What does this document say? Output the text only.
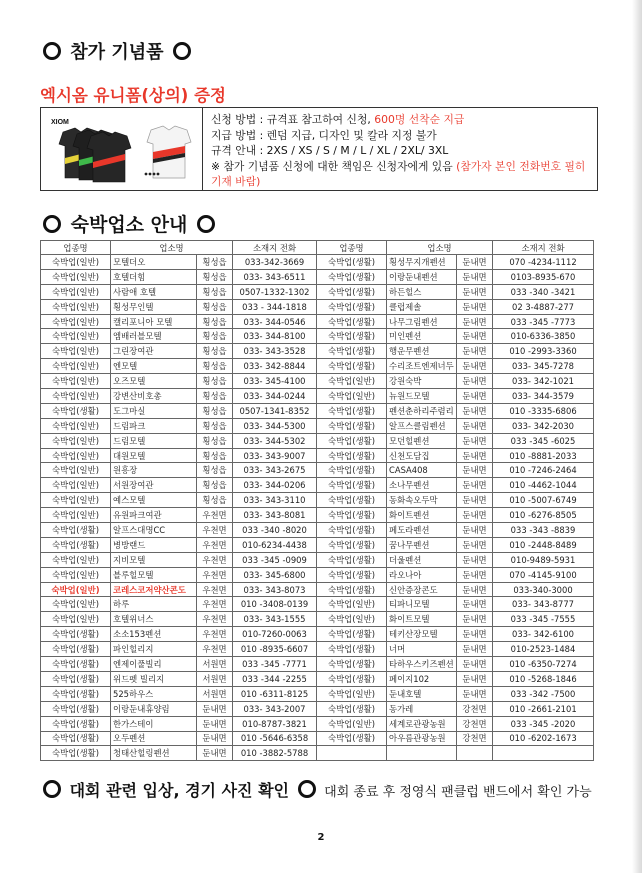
참가 기념품
엑시옴 유니폼(상의) 증정
XIOM	신청 방법 : 규격표 참고하여 신청, 600명 선착순 지급
지급 방법 : 렌덤 지급, 디자인 및 칼라 지정 불가
규격 안내 : 2XS / XS / S / M / L / XL / 2XL/ 3XL
※ 참가 기념품 신청에 대한 책임은 신청자에게 있음 (참가자 본인 전화번호 필히 기재 바람)
숙박업소 안내
업종명	업소명		소재지 전화	업종명	업소명		소재지 전화
숙박업(일반)	모텔더오	횡성읍	033-342-3669	숙박업(생활)	횡성무지개펜션	둔내면	070 -4234-1112
숙박업(일반)	호텔더힘	횡성읍	033- 343-6511	숙박업(생활)	이랑둔내펜션	둔내면	0103-8935-670
숙박업(일반)	사람애 호텔	횡성읍	0507-1332-1302	숙박업(생활)	하든힐스	둔내면	033 -340 -3421
숙박업(일반)	횡성무인텔	횡성읍	033 - 344-1818	숙박업(생활)	클럽제솔	둔내면	02 3-4887-277
숙박업(일반)	캘리포니아 모텔	횡성읍	033- 344-0546	숙박업(생활)	나무그림펜션	둔내면	033 -345 -7773
숙박업(일반)	엠배러블모텔	횡성읍	033- 344-8100	숙박업(생활)	미인펜션	둔내면	010-6336-3850
숙박업(일반)	그린장여관	횡성읍	033- 343-3528	숙박업(생활)	행운무펜션	둔내면	010 -2993-3360
숙박업(일반)	엔모텔	횡성읍	033- 342-8844	숙박업(생활)	수리조트엔제너두	둔내면	033- 345-7278
숙박업(일반)	오즈모텔	횡성읍	033- 345-4100	숙박업(일반)	강원숙박	둔내면	033- 342-1021
숙박업(일반)	강변산비호총	횡성읍	033- 344-0244	숙박업(일반)	뉴원드모텔	둔내면	033- 344-3579
숙박업(생활)	도그마실	횡성읍	0507-1341-8352	숙박업(생활)	펜션춘하리주렴리	둔내면	010 -3335-6806
숙박업(일반)	드림파크	횡성읍	033- 344-5300	숙박업(생활)	알프스클림펜션	둔내면	033- 342-2030
숙박업(일반)	드림모텔	횡성읍	033- 344-5302	숙박업(생활)	모던힐펜션	둔내면	033 -345 -6025
숙박업(일반)	대원모텔	횡성읍	033- 343-9007	숙박업(생활)	신천도담집	둔내면	010 -8881-2033
숙박업(일반)	원흥장	횡성읍	033- 343-2675	숙박업(생활)	CASA408	둔내면	010 -7246-2464
숙박업(일반)	서원장여관	횡성읍	033- 344-0206	숙박업(생활)	소나무펜션	둔내면	010 -4462-1044
숙박업(일반)	예스모텔	횡성읍	033- 343-3110	숙박업(생활)	동화속오두막	둔내면	010 -5007-6749
숙박업(일반)	유원파크여관	우천면	033- 343-8081	숙박업(생활)	화이트펜션	둔내면	010 -6276-8505
숙박업(생활)	알프스대명CC	우천면	033 -340 -8020	숙박업(생활)	페도라펜션	둔내면	033 -343 -8839
숙박업(생활)	병방랜드	우천면	010-6234-4438	숙박업(생활)	꿈나무펜션	둔내면	010 -2448-8489
숙박업(일반)	지비모텔	우천면	033 -345 -0909	숙박업(생활)	더울펜션	둔내면	010-9489-5931
숙박업(일반)	블루힐모텔	우천면	033- 345-6800	숙박업(생활)	라오나아	둔내면	070 -4145-9100
숙박업(일반)	코레스코저약산콘도	우천면	033- 343-8073	숙박업(생활)	신안증장콘도	둔내면	033-340-3000
숙박업(일반)	하루	우천면	010 -3408-0139	숙박업(일반)	티파니모텔	둔내면	033- 343-8777
숙박업(일반)	호텔위너스	우천면	033- 343-1555	숙박업(일반)	화이트모텔	둔내면	033 -345 -7555
숙박업(생활)	소소153펜션	우천면	010-7260-0063	숙박업(생활)	테키산장모텔	둔내면	033- 342-6100
숙박업(생활)	파인힐리지	우천면	010 -8935-6607	숙박업(생활)	너머	둔내면	010-2523-1484
숙박업(생활)	엔제이풀빌리	서원면	033 -345 -7771	숙박업(생활)	타하우스키즈펜션	둔내면	010 -6350-7274
숙박업(생활)	위드펫 빌리지	서원면	033 -344 -2255	숙박업(생활)	페이지102	둔내면	010 -5268-1846
숙박업(생활)	525하우스	서원면	010 -6311-8125	숙박업(일반)	둔내호텔	둔내면	033 -342 -7500
숙박업(생활)	이랑둔내휴양림	둔내면	033- 343-2007	숙박업(생활)	동가레	강천면	010 -2661-2101
숙박업(생활)	한가스테이	둔내면	010-8787-3821	숙박업(일반)	세계로관광농원	강천면	033 -345 -2020
숙박업(생활)	오두펜션	둔내면	010 -5646-6358	숙박업(생활)	아우름관광농원	강천면	010 -6202-1673
숙박업(생활)	청태산힐링펜션	둔내면	010 -3882-5788				
대회 관련 입상, 경기 사진 확인	대회 종료 후 정영식 팬클럽 밴드에서 확인 가능
2
